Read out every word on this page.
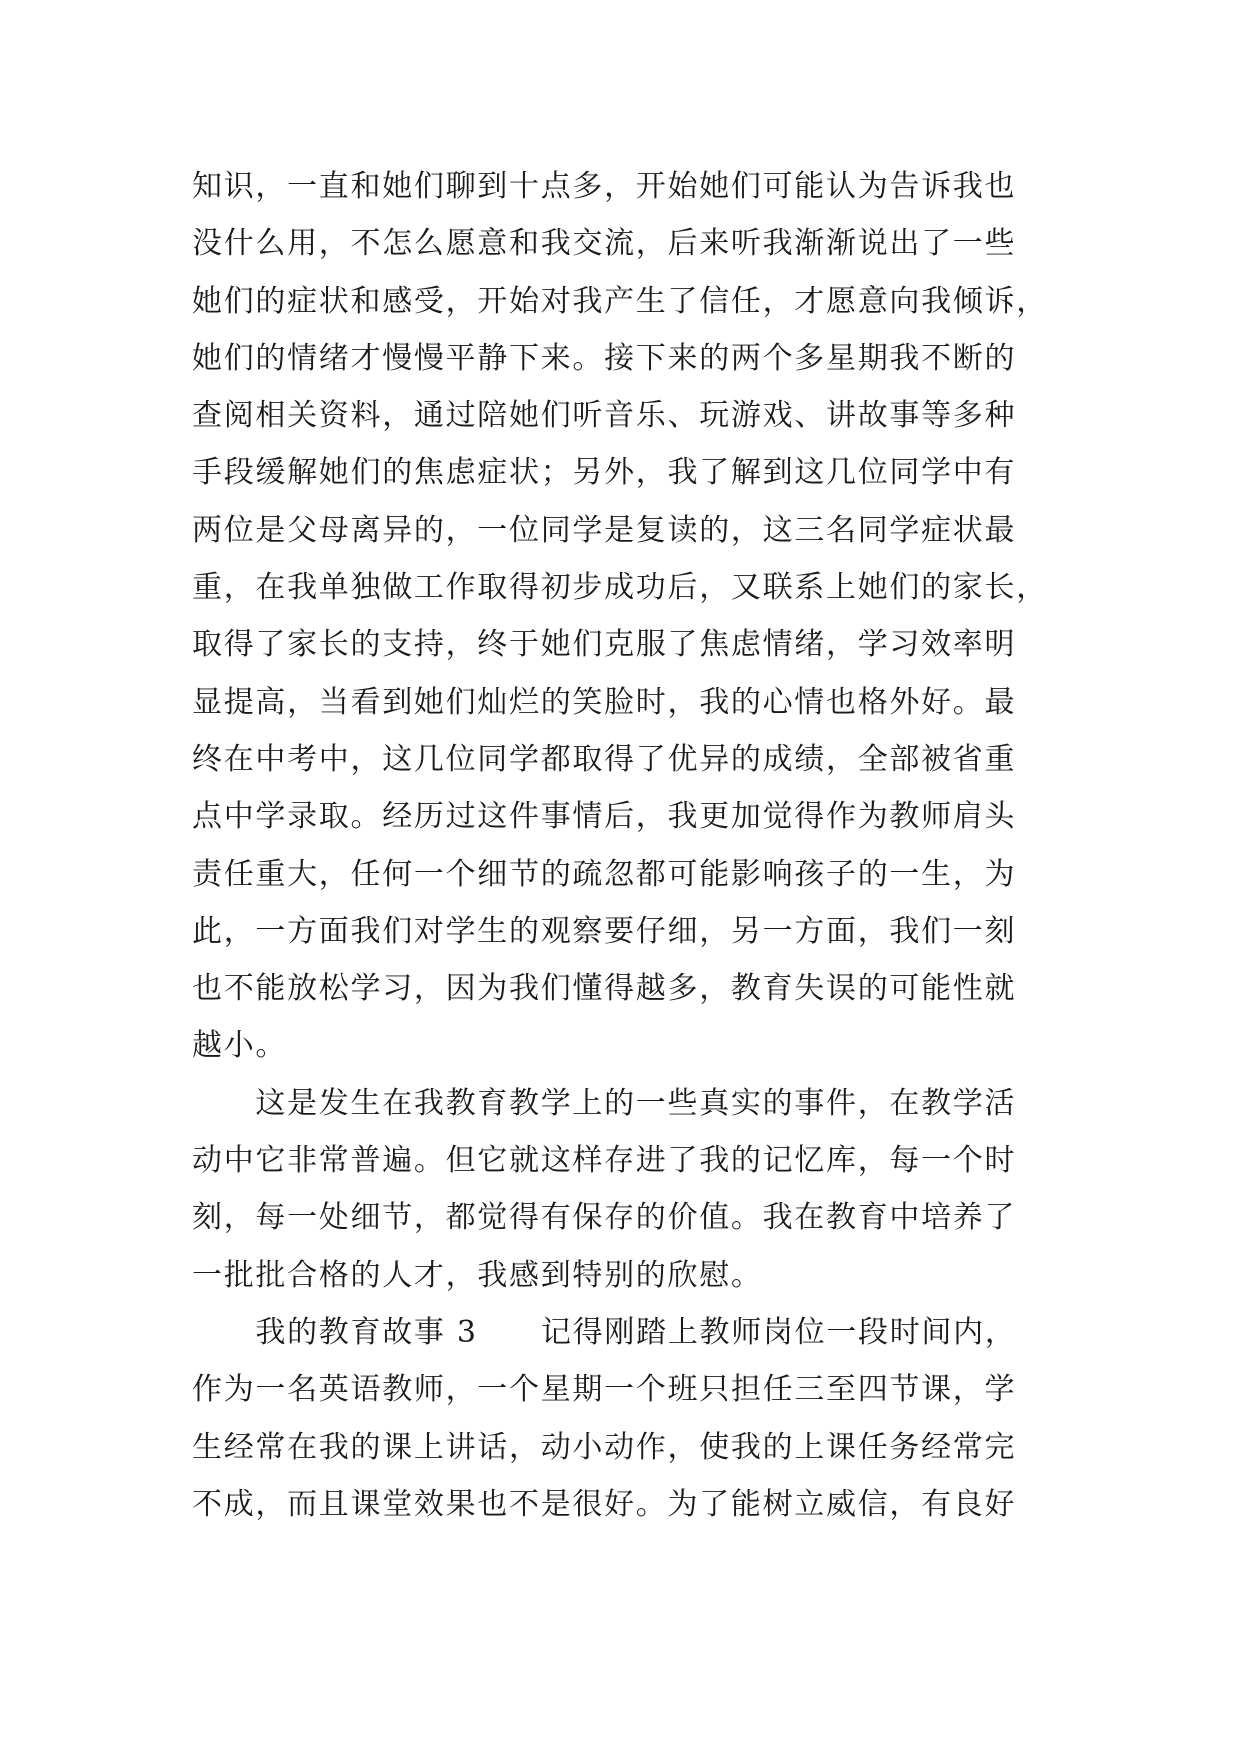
知识，一直和她们聊到十点多，开始她们可能认为告诉我也
没什么用，不怎么愿意和我交流，后来听我渐渐说出了一些
她们的症状和感受，开始对我产生了信任，才愿意向我倾诉，
她们的情绪才慢慢平静下来。接下来的两个多星期我不断的
查阅相关资料，通过陪她们听音乐、玩游戏、讲故事等多种
手段缓解她们的焦虑症状；另外，我了解到这几位同学中有
两位是父母离异的，一位同学是复读的，这三名同学症状最
重，在我单独做工作取得初步成功后，又联系上她们的家长，
取得了家长的支持，终于她们克服了焦虑情绪，学习效率明
显提高，当看到她们灿烂的笑脸时，我的心情也格外好。最
终在中考中，这几位同学都取得了优异的成绩，全部被省重
点中学录取。经历过这件事情后，我更加觉得作为教师肩头
责任重大，任何一个细节的疏忽都可能影响孩子的一生，为
此，一方面我们对学生的观察要仔细，另一方面，我们一刻
也不能放松学习，因为我们懂得越多，教育失误的可能性就
越小。
　　这是发生在我教育教学上的一些真实的事件，在教学活
动中它非常普遍。但它就这样存进了我的记忆库，每一个时
刻，每一处细节，都觉得有保存的价值。我在教育中培养了
一批批合格的人才，我感到特别的欣慰。
　　我的教育故事 3　　记得刚踏上教师岗位一段时间内，
作为一名英语教师，一个星期一个班只担任三至四节课，学
生经常在我的课上讲话，动小动作，使我的上课任务经常完
不成，而且课堂效果也不是很好。为了能树立威信，有良好
